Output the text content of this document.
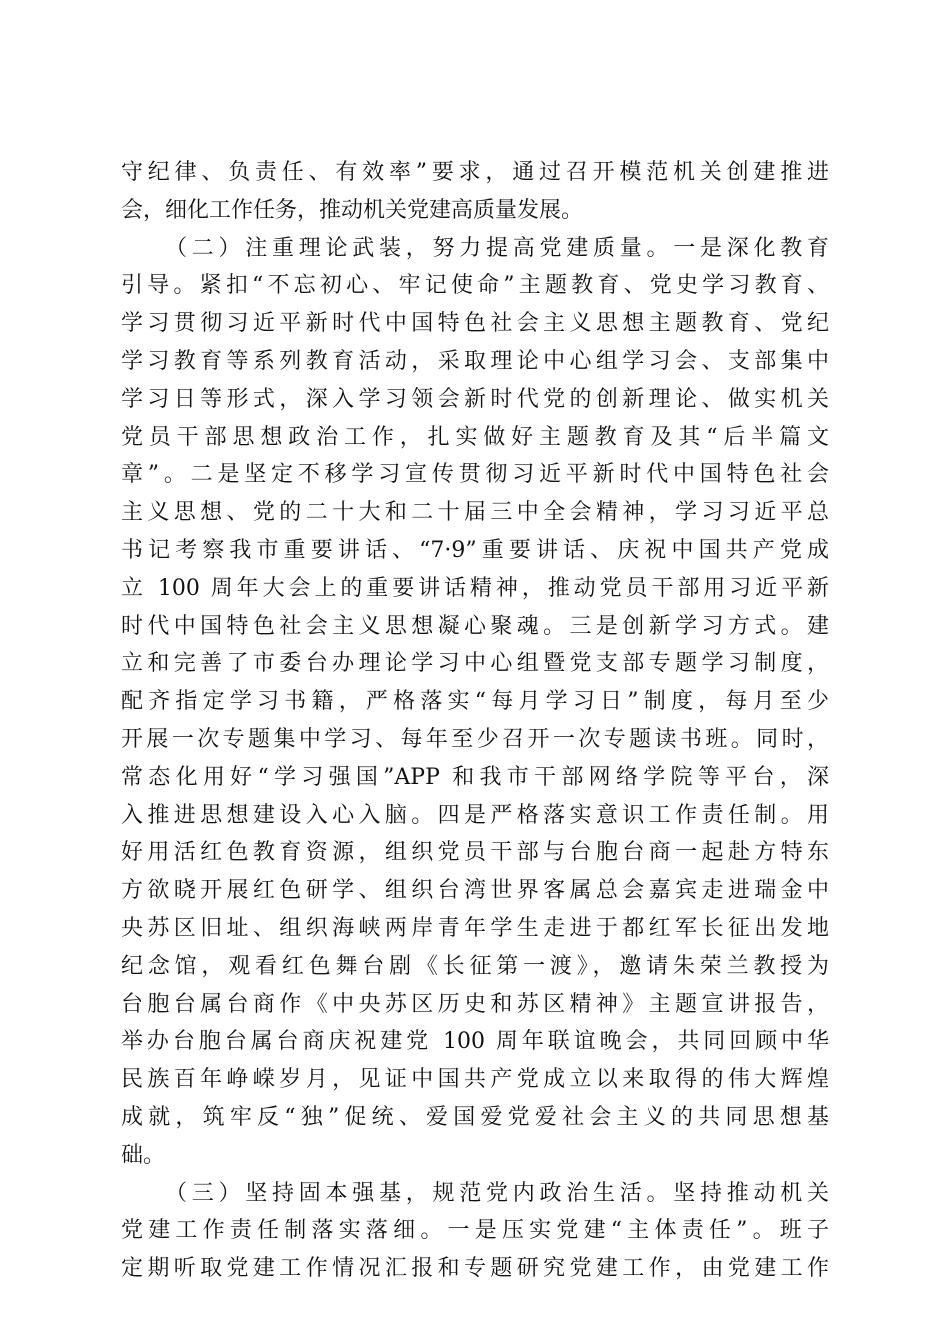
守纪律、负责任、有效率”要求，通过召开模范机关创建推进
会，细化工作任务，推动机关党建高质量发展。
（二）注重理论武装，努力提高党建质量。一是深化教育
引导。紧扣“不忘初心、牢记使命”主题教育、党史学习教育、
学习贯彻习近平新时代中国特色社会主义思想主题教育、党纪
学习教育等系列教育活动，采取理论中心组学习会、支部集中
学习日等形式，深入学习领会新时代党的创新理论、做实机关
党员干部思想政治工作，扎实做好主题教育及其“后半篇文
章”。二是坚定不移学习宣传贯彻习近平新时代中国特色社会
主义思想、党的二十大和二十届三中全会精神，学习习近平总
书记考察我市重要讲话、“7·9”重要讲话、庆祝中国共产党成
立 100 周年大会上的重要讲话精神，推动党员干部用习近平新
时代中国特色社会主义思想凝心聚魂。三是创新学习方式。建
立和完善了市委台办理论学习中心组暨党支部专题学习制度，
配齐指定学习书籍，严格落实“每月学习日”制度，每月至少
开展一次专题集中学习、每年至少召开一次专题读书班。同时，
常态化用好“学习强国”APP 和我市干部网络学院等平台，深
入推进思想建设入心入脑。四是严格落实意识工作责任制。用
好用活红色教育资源，组织党员干部与台胞台商一起赴方特东
方欲晓开展红色研学、组织台湾世界客属总会嘉宾走进瑞金中
央苏区旧址、组织海峡两岸青年学生走进于都红军长征出发地
纪念馆，观看红色舞台剧《长征第一渡》，邀请朱荣兰教授为
台胞台属台商作《中央苏区历史和苏区精神》主题宣讲报告，
举办台胞台属台商庆祝建党 100 周年联谊晚会，共同回顾中华
民族百年峥嵘岁月，见证中国共产党成立以来取得的伟大辉煌
成就，筑牢反“独”促统、爱国爱党爱社会主义的共同思想基
础。
（三）坚持固本强基，规范党内政治生活。坚持推动机关
党建工作责任制落实落细。一是压实党建“主体责任”。班子
定期听取党建工作情况汇报和专题研究党建工作，由党建工作
